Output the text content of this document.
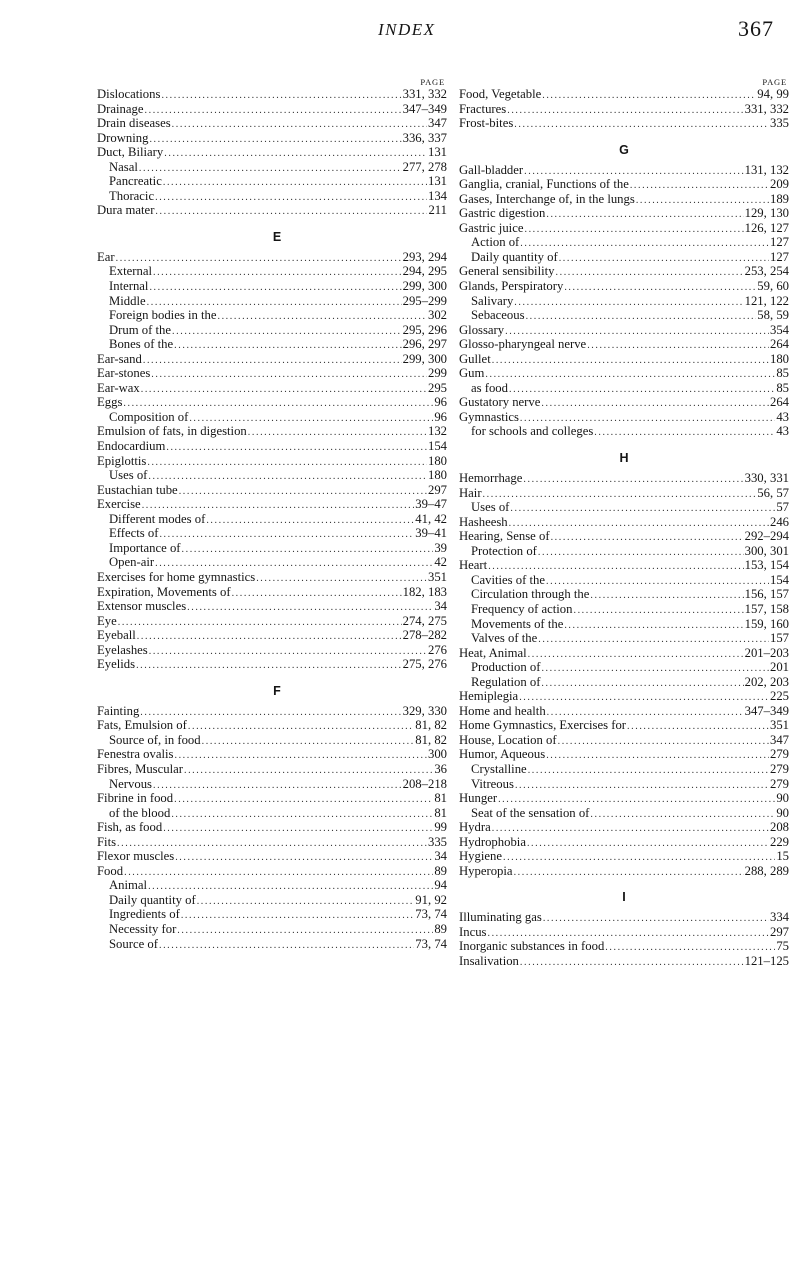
INDEX	367
PAGE
Dislocations .....	331, 332
Drainage .....	347–349
Drain diseases .....	347
Drowning .....	336, 337
Duct, Biliary .....	131
Nasal .....	277, 278
Pancreatic .....	131
Thoracic .....	134
Dura mater .....	211
E
Ear .....	293, 294
External .....	294, 295
Internal .....	299, 300
Middle .....	295–299
Foreign bodies in the .....	302
Drum of the .....	295, 296
Bones of the .....	296, 297
Ear-sand .....	299, 300
Ear-stones .....	299
Ear-wax .....	295
Eggs .....	96
Composition of .....	96
Emulsion of fats, in digestion .....	132
Endocardium .....	154
Epiglottis .....	180
Uses of .....	180
Eustachian tube .....	297
Exercise .....	39–47
Different modes of .....	41, 42
Effects of .....	39–41
Importance of .....	39
Open-air .....	42
Exercises for home gymnastics .....	351
Expiration, Movements of .....	182, 183
Extensor muscles .....	34
Eye .....	274, 275
Eyeball .....	278–282
Eyelashes .....	276
Eyelids .....	275, 276
F
Fainting .....	329, 330
Fats, Emulsion of .....	81, 82
Source of, in food .....	81, 82
Fenestra ovalis .....	300
Fibres, Muscular .....	36
Nervous .....	208–218
Fibrine in food .....	81
of the blood .....	81
Fish, as food .....	99
Fits .....	335
Flexor muscles .....	34
Food .....	89
Animal .....	94
Daily quantity of .....	91, 92
Ingredients of .....	73, 74
Necessity for .....	89
Source of .....	73, 74
PAGE
Food, Vegetable .....	94, 99
Fractures .....	331, 332
Frost-bites .....	335
G
Gall-bladder .....	131, 132
Ganglia, cranial, Functions of the .....	209
Gases, Interchange of, in the lungs .....	189
Gastric digestion .....	129, 130
Gastric juice .....	126, 127
Action of .....	127
Daily quantity of .....	127
General sensibility .....	253, 254
Glands, Perspiratory .....	59, 60
Salivary .....	121, 122
Sebaceous .....	58, 59
Glossary .....	354
Glosso-pharyngeal nerve .....	264
Gullet .....	180
Gum .....	85
as food .....	85
Gustatory nerve .....	264
Gymnastics .....	43
for schools and colleges .....	43
H
Hemorrhage .....	330, 331
Hair .....	56, 57
Uses of .....	57
Hasheesh .....	246
Hearing, Sense of .....	292–294
Protection of .....	300, 301
Heart .....	153, 154
Cavities of the .....	154
Circulation through the .....	156, 157
Frequency of action .....	157, 158
Movements of the .....	159, 160
Valves of the .....	157
Heat, Animal .....	201–203
Production of .....	201
Regulation of .....	202, 203
Hemiplegia .....	225
Home and health .....	347–349
Home Gymnastics, Exercises for .....	351
House, Location of .....	347
Humor, Aqueous .....	279
Crystalline .....	279
Vitreous .....	279
Hunger .....	90
Seat of the sensation of .....	90
Hydra .....	208
Hydrophobia .....	229
Hygiene .....	15
Hyperopia .....	288, 289
I
Illuminating gas .....	334
Incus .....	297
Inorganic substances in food .....	75
Insalivation .....	121–125
